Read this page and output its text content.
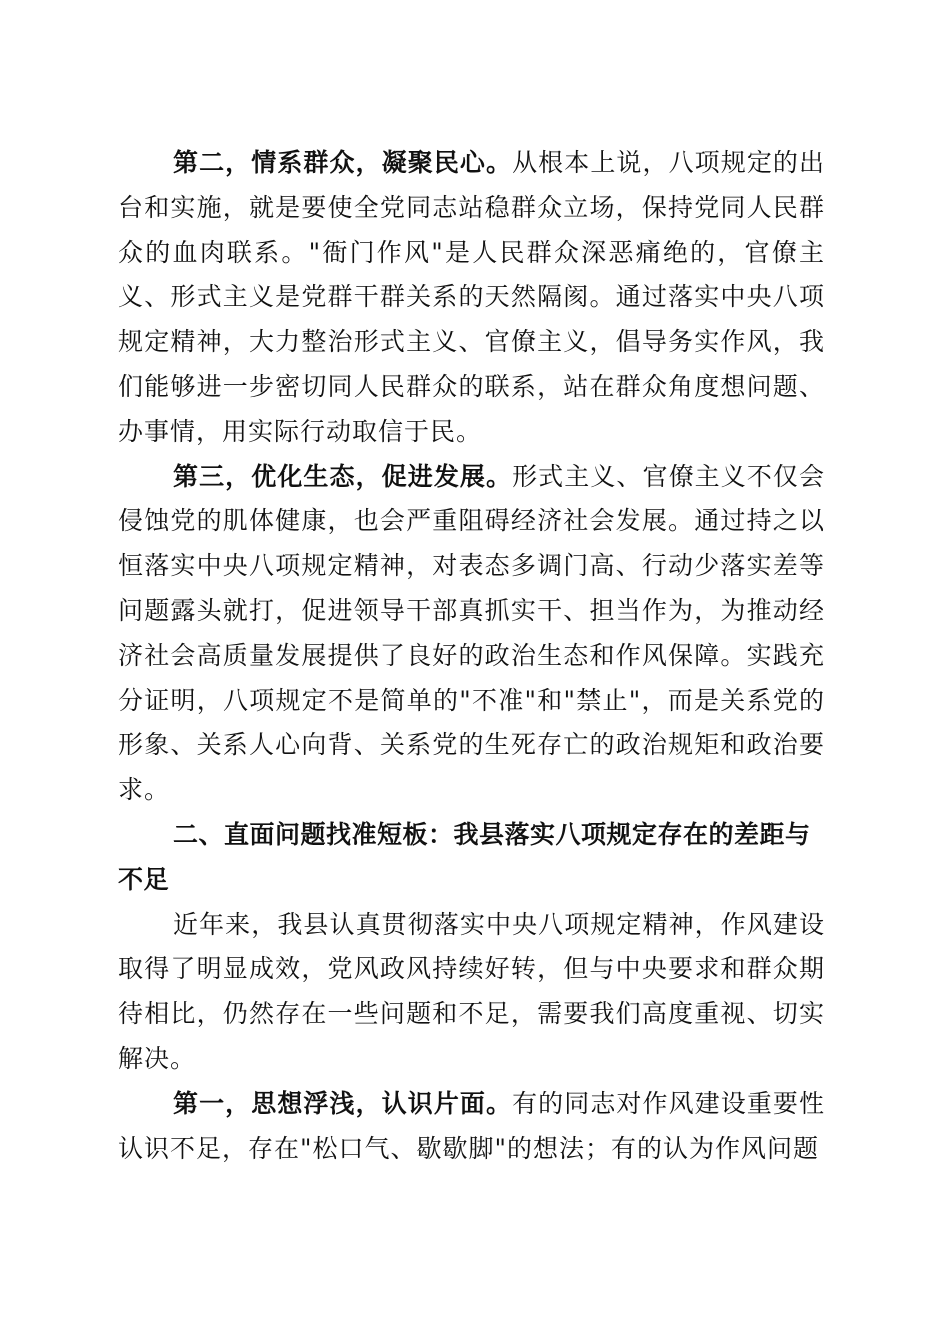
第二，情系群众，凝聚民心。从根本上说，八项规定的出台和实施，就是要使全党同志站稳群众立场，保持党同人民群众的血肉联系。"衙门作风"是人民群众深恶痛绝的，官僚主义、形式主义是党群干群关系的天然隔阂。通过落实中央八项规定精神，大力整治形式主义、官僚主义，倡导务实作风，我们能够进一步密切同人民群众的联系，站在群众角度想问题、办事情，用实际行动取信于民。

第三，优化生态，促进发展。形式主义、官僚主义不仅会侵蚀党的肌体健康，也会严重阻碍经济社会发展。通过持之以恒落实中央八项规定精神，对表态多调门高、行动少落实差等问题露头就打，促进领导干部真抓实干、担当作为，为推动经济社会高质量发展提供了良好的政治生态和作风保障。实践充分证明，八项规定不是简单的"不准"和"禁止"，而是关系党的形象、关系人心向背、关系党的生死存亡的政治规矩和政治要求。

二、直面问题找准短板：我县落实八项规定存在的差距与不足

近年来，我县认真贯彻落实中央八项规定精神，作风建设取得了明显成效，党风政风持续好转，但与中央要求和群众期待相比，仍然存在一些问题和不足，需要我们高度重视、切实解决。

第一，思想浮浅，认识片面。有的同志对作风建设重要性认识不足，存在"松口气、歇歇脚"的想法；有的认为作风问题
